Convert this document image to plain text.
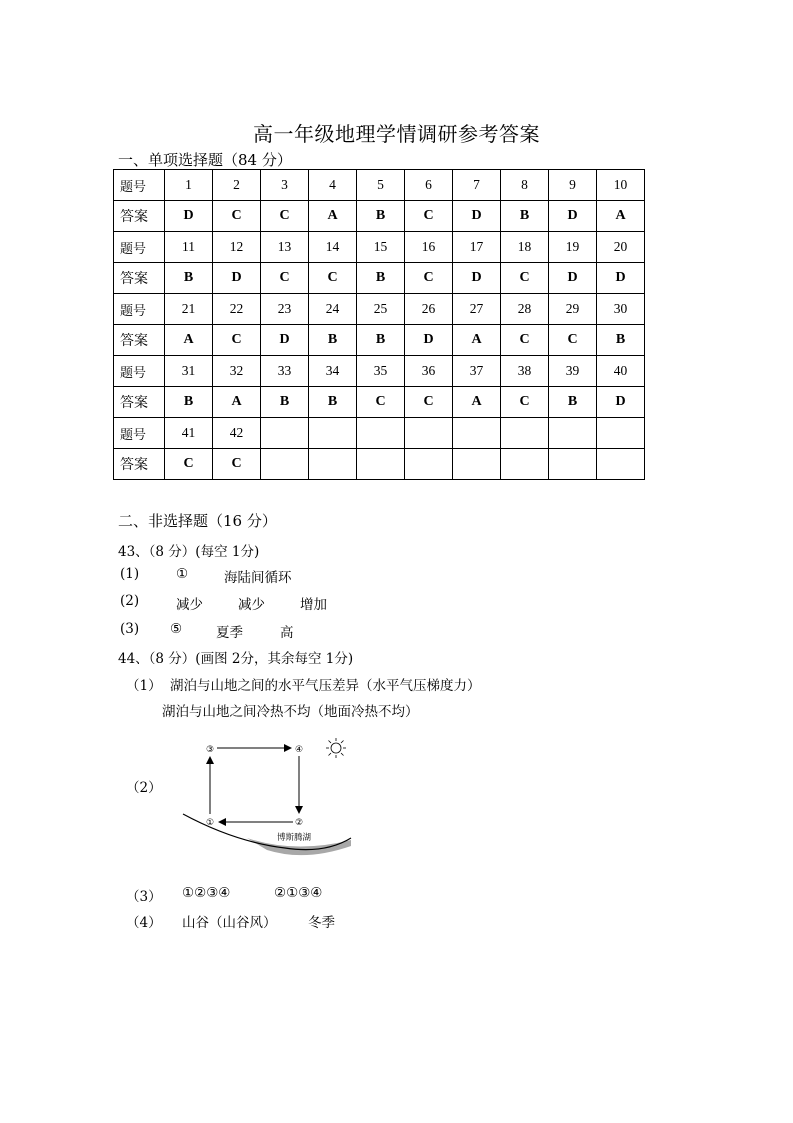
高一年级地理学情调研参考答案
一、单项选择题（84 分）
题号	1	2	3	4	5	6	7	8	9	10
答案	D	C	C	A	B	C	D	B	D	A
题号	11	12	13	14	15	16	17	18	19	20
答案	B	D	C	C	B	C	D	C	D	D
题号	21	22	23	24	25	26	27	28	29	30
答案	A	C	D	B	B	D	A	C	C	B
题号	31	32	33	34	35	36	37	38	39	40
答案	B	A	B	B	C	C	A	C	B	D
题号	41	42								
答案	C	C								
二、非选择题（16 分）
43、（8 分）(每空 1分)
(1)	①	海陆间循环
(2)	减少	减少	增加
(3) ⑤	夏季	高
44、（8 分）(画图 2分，其余每空 1分)
（1） 湖泊与山地之间的水平气压差异（水平气压梯度力）
湖泊与山地之间冷热不均（地面冷热不均）
（2）
③	④
①	②
博斯腾湖
（3） ①②③④	②①③④
（4） 山谷（山谷风） 冬季
